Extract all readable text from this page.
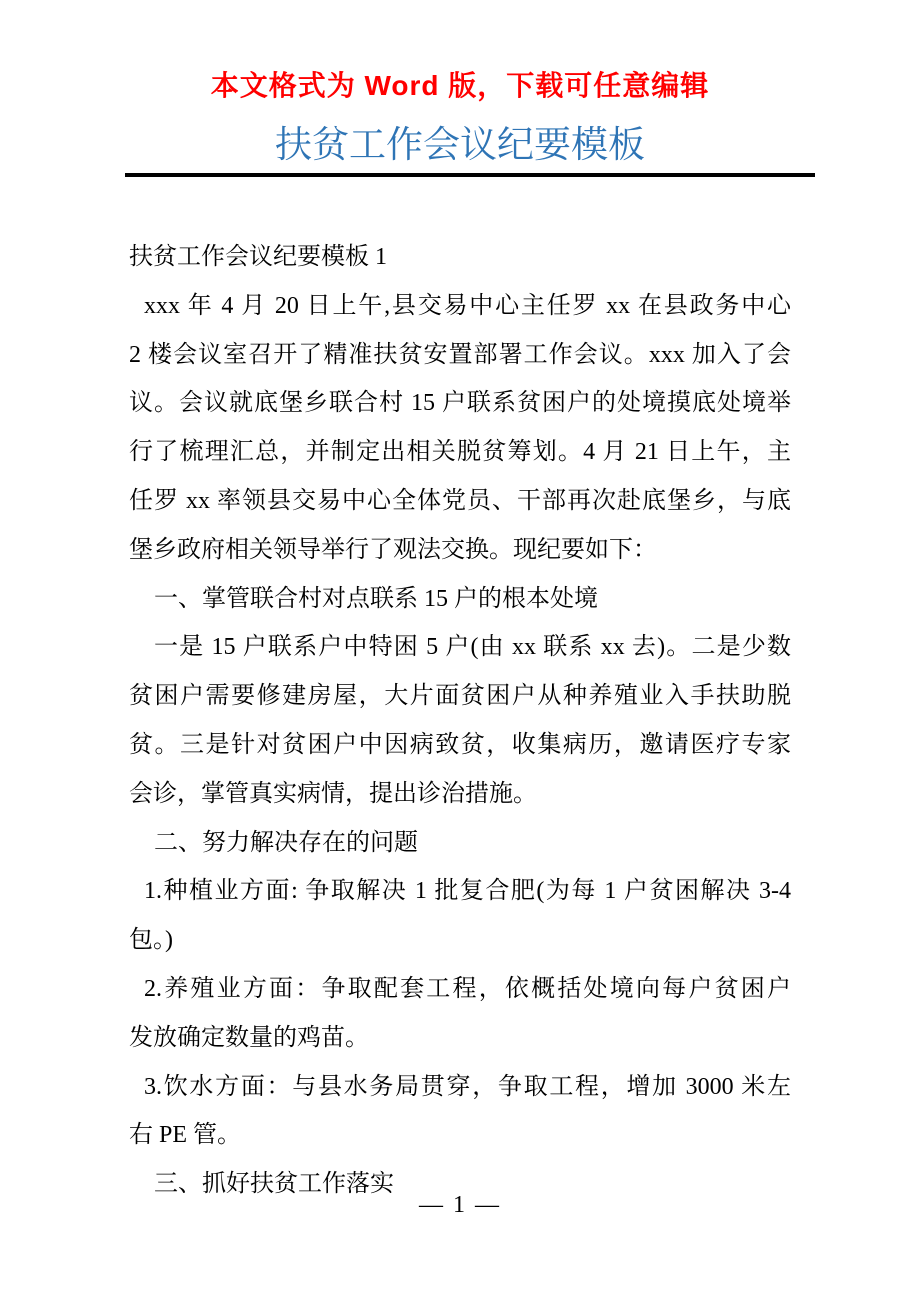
本文格式为 Word 版，下载可任意编辑
扶贫工作会议纪要模板
扶贫工作会议纪要模板 1
xxx 年 4 月 20 日上午,县交易中心主任罗 xx 在县政务中心
2 楼会议室召开了精准扶贫安置部署工作会议。xxx 加入了会
议。会议就底堡乡联合村 15 户联系贫困户的处境摸底处境举
行了梳理汇总，并制定出相关脱贫筹划。4 月 21 日上午，主
任罗 xx 率领县交易中心全体党员、干部再次赴底堡乡，与底
堡乡政府相关领导举行了观法交换。现纪要如下：
一、掌管联合村对点联系 15 户的根本处境
一是 15 户联系户中特困 5 户(由 xx 联系 xx 去)。二是少数
贫困户需要修建房屋，大片面贫困户从种养殖业入手扶助脱
贫。三是针对贫困户中因病致贫，收集病历，邀请医疗专家
会诊，掌管真实病情，提出诊治措施。
二、努力解决存在的问题
1.种植业方面: 争取解决 1 批复合肥(为每 1 户贫困解决 3-4
包。)
2.养殖业方面：争取配套工程，依概括处境向每户贫困户
发放确定数量的鸡苗。
3.饮水方面：与县水务局贯穿，争取工程，增加 3000 米左
右 PE 管。
三、抓好扶贫工作落实
— 1 —
